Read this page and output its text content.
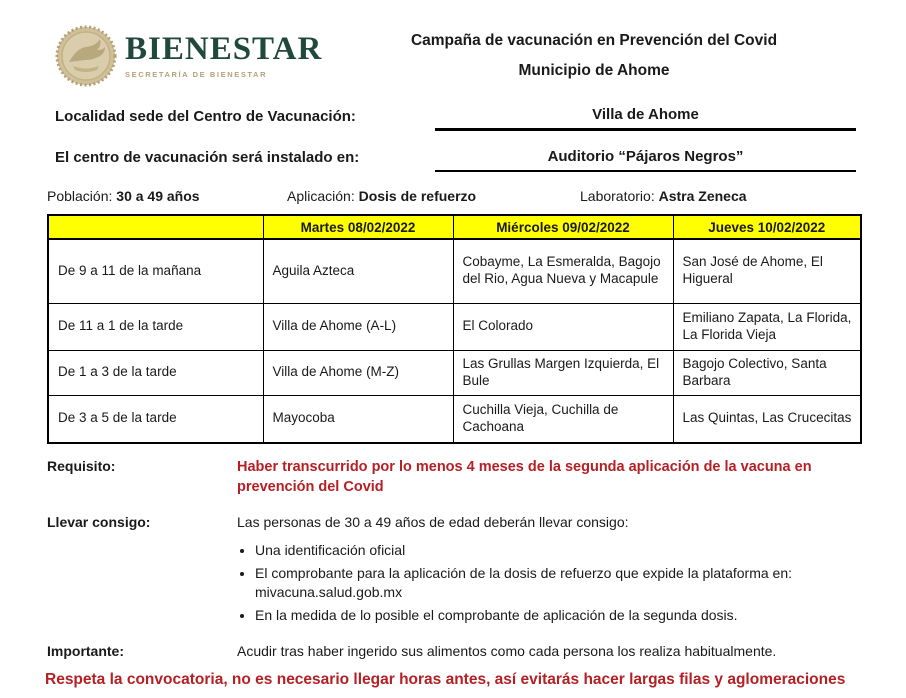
BIENESTAR
SECRETARÍA DE BIENESTAR
Campaña de vacunación en Prevención del Covid
Municipio de Ahome
Localidad sede del Centro de Vacunación:	Villa de Ahome
El centro de vacunación será instalado en:	Auditorio “Pájaros Negros”
Población: 30 a 49 años	Aplicación: Dosis de refuerzo	Laboratorio: Astra Zeneca
	Martes 08/02/2022	Miércoles 09/02/2022	Jueves 10/02/2022
De 9 a 11 de la mañana	Aguila Azteca	Cobayme, La Esmeralda, Bagojo del Rio, Agua Nueva y Macapule	San José de Ahome, El Higueral
De 11 a 1 de la tarde	Villa de Ahome (A-L)	El Colorado	Emiliano Zapata, La Florida, La Florida Vieja
De 1 a 3 de la tarde	Villa de Ahome (M-Z)	Las Grullas Margen Izquierda, El Bule	Bagojo Colectivo, Santa Barbara
De 3 a 5 de la tarde	Mayocoba	Cuchilla Vieja, Cuchilla de Cachoana	Las Quintas, Las Crucecitas
Requisito:	Haber transcurrido por lo menos 4 meses de la segunda aplicación de la vacuna en prevención del Covid
Llevar consigo:	Las personas de 30 a 49 años de edad deberán llevar consigo:
• Una identificación oficial
• El comprobante para la aplicación de la dosis de refuerzo que expide la plataforma en: mivacuna.salud.gob.mx
• En la medida de lo posible el comprobante de aplicación de la segunda dosis.
Importante:	Acudir tras haber ingerido sus alimentos como cada persona los realiza habitualmente.
Respeta la convocatoria, no es necesario llegar horas antes, así evitarás hacer largas filas y aglomeraciones
